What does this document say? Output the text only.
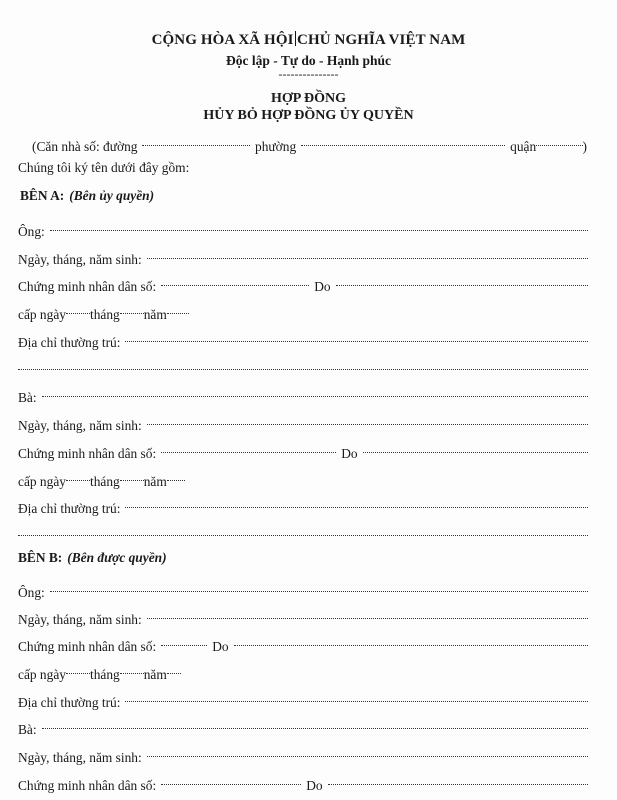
CỘNG HÒA XÃ HỘI CHỦ NGHĨA VIỆT NAM
Độc lập - Tự do - Hạnh phúc
---------------
HỢP ĐỒNG
HỦY BỎ HỢP ĐỒNG ỦY QUYỀN
(Căn nhà số: đường	phường	quận	)
Chúng tôi ký tên dưới đây gồm:
BÊN A: (Bên ủy quyền)
Ông:
Ngày, tháng, năm sinh:
Chứng minh nhân dân số:	Do
cấp ngày tháng năm
Địa chỉ thường trú:
Bà:
Ngày, tháng, năm sinh:
Chứng minh nhân dân số:	Do
cấp ngày tháng năm
Địa chỉ thường trú:
BÊN B: (Bên được quyền)
Ông:
Ngày, tháng, năm sinh:
Chứng minh nhân dân số:	Do
cấp ngày tháng năm
Địa chỉ thường trú:
Bà:
Ngày, tháng, năm sinh:
Chứng minh nhân dân số:	Do
